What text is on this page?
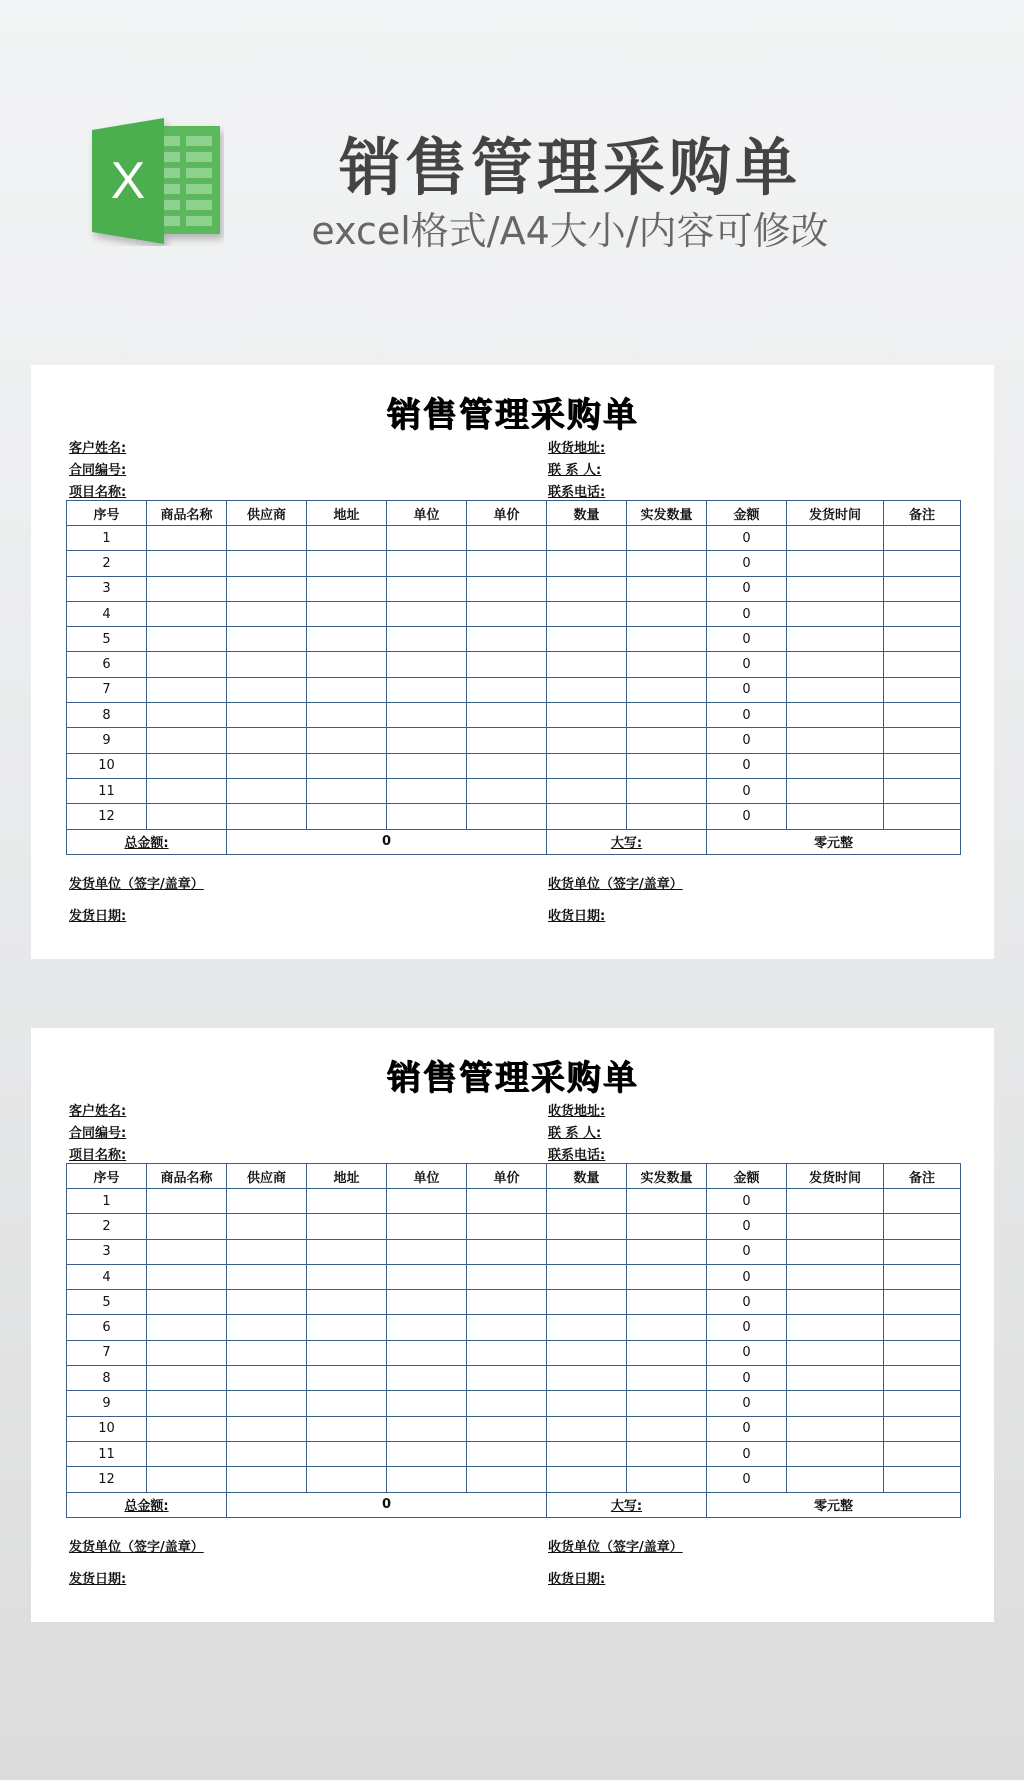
X	销售管理采购单
excel格式/A4大小/内容可修改
销售管理采购单
客户姓名:
合同编号:
项目名称:
收货地址:
联 系 人:
联系电话:
序号	商品名称	供应商	地址	单位	单价	数量	实发数量	金额	发货时间	备注
1								0		
2								0		
3								0		
4								0		
5								0		
6								0		
7								0		
8								0		
9								0		
10								0		
11								0		
12								0		
总金额:		0				大写:		零元整		
发货单位（签字/盖章）
发货日期:
收货单位（签字/盖章）
收货日期:
销售管理采购单
客户姓名:
合同编号:
项目名称:
收货地址:
联 系 人:
联系电话:
序号	商品名称	供应商	地址	单位	单价	数量	实发数量	金额	发货时间	备注
1								0		
2								0		
3								0		
4								0		
5								0		
6								0		
7								0		
8								0		
9								0		
10								0		
11								0		
12								0		
总金额:		0				大写:		零元整		
发货单位（签字/盖章）
发货日期:
收货单位（签字/盖章）
收货日期:
